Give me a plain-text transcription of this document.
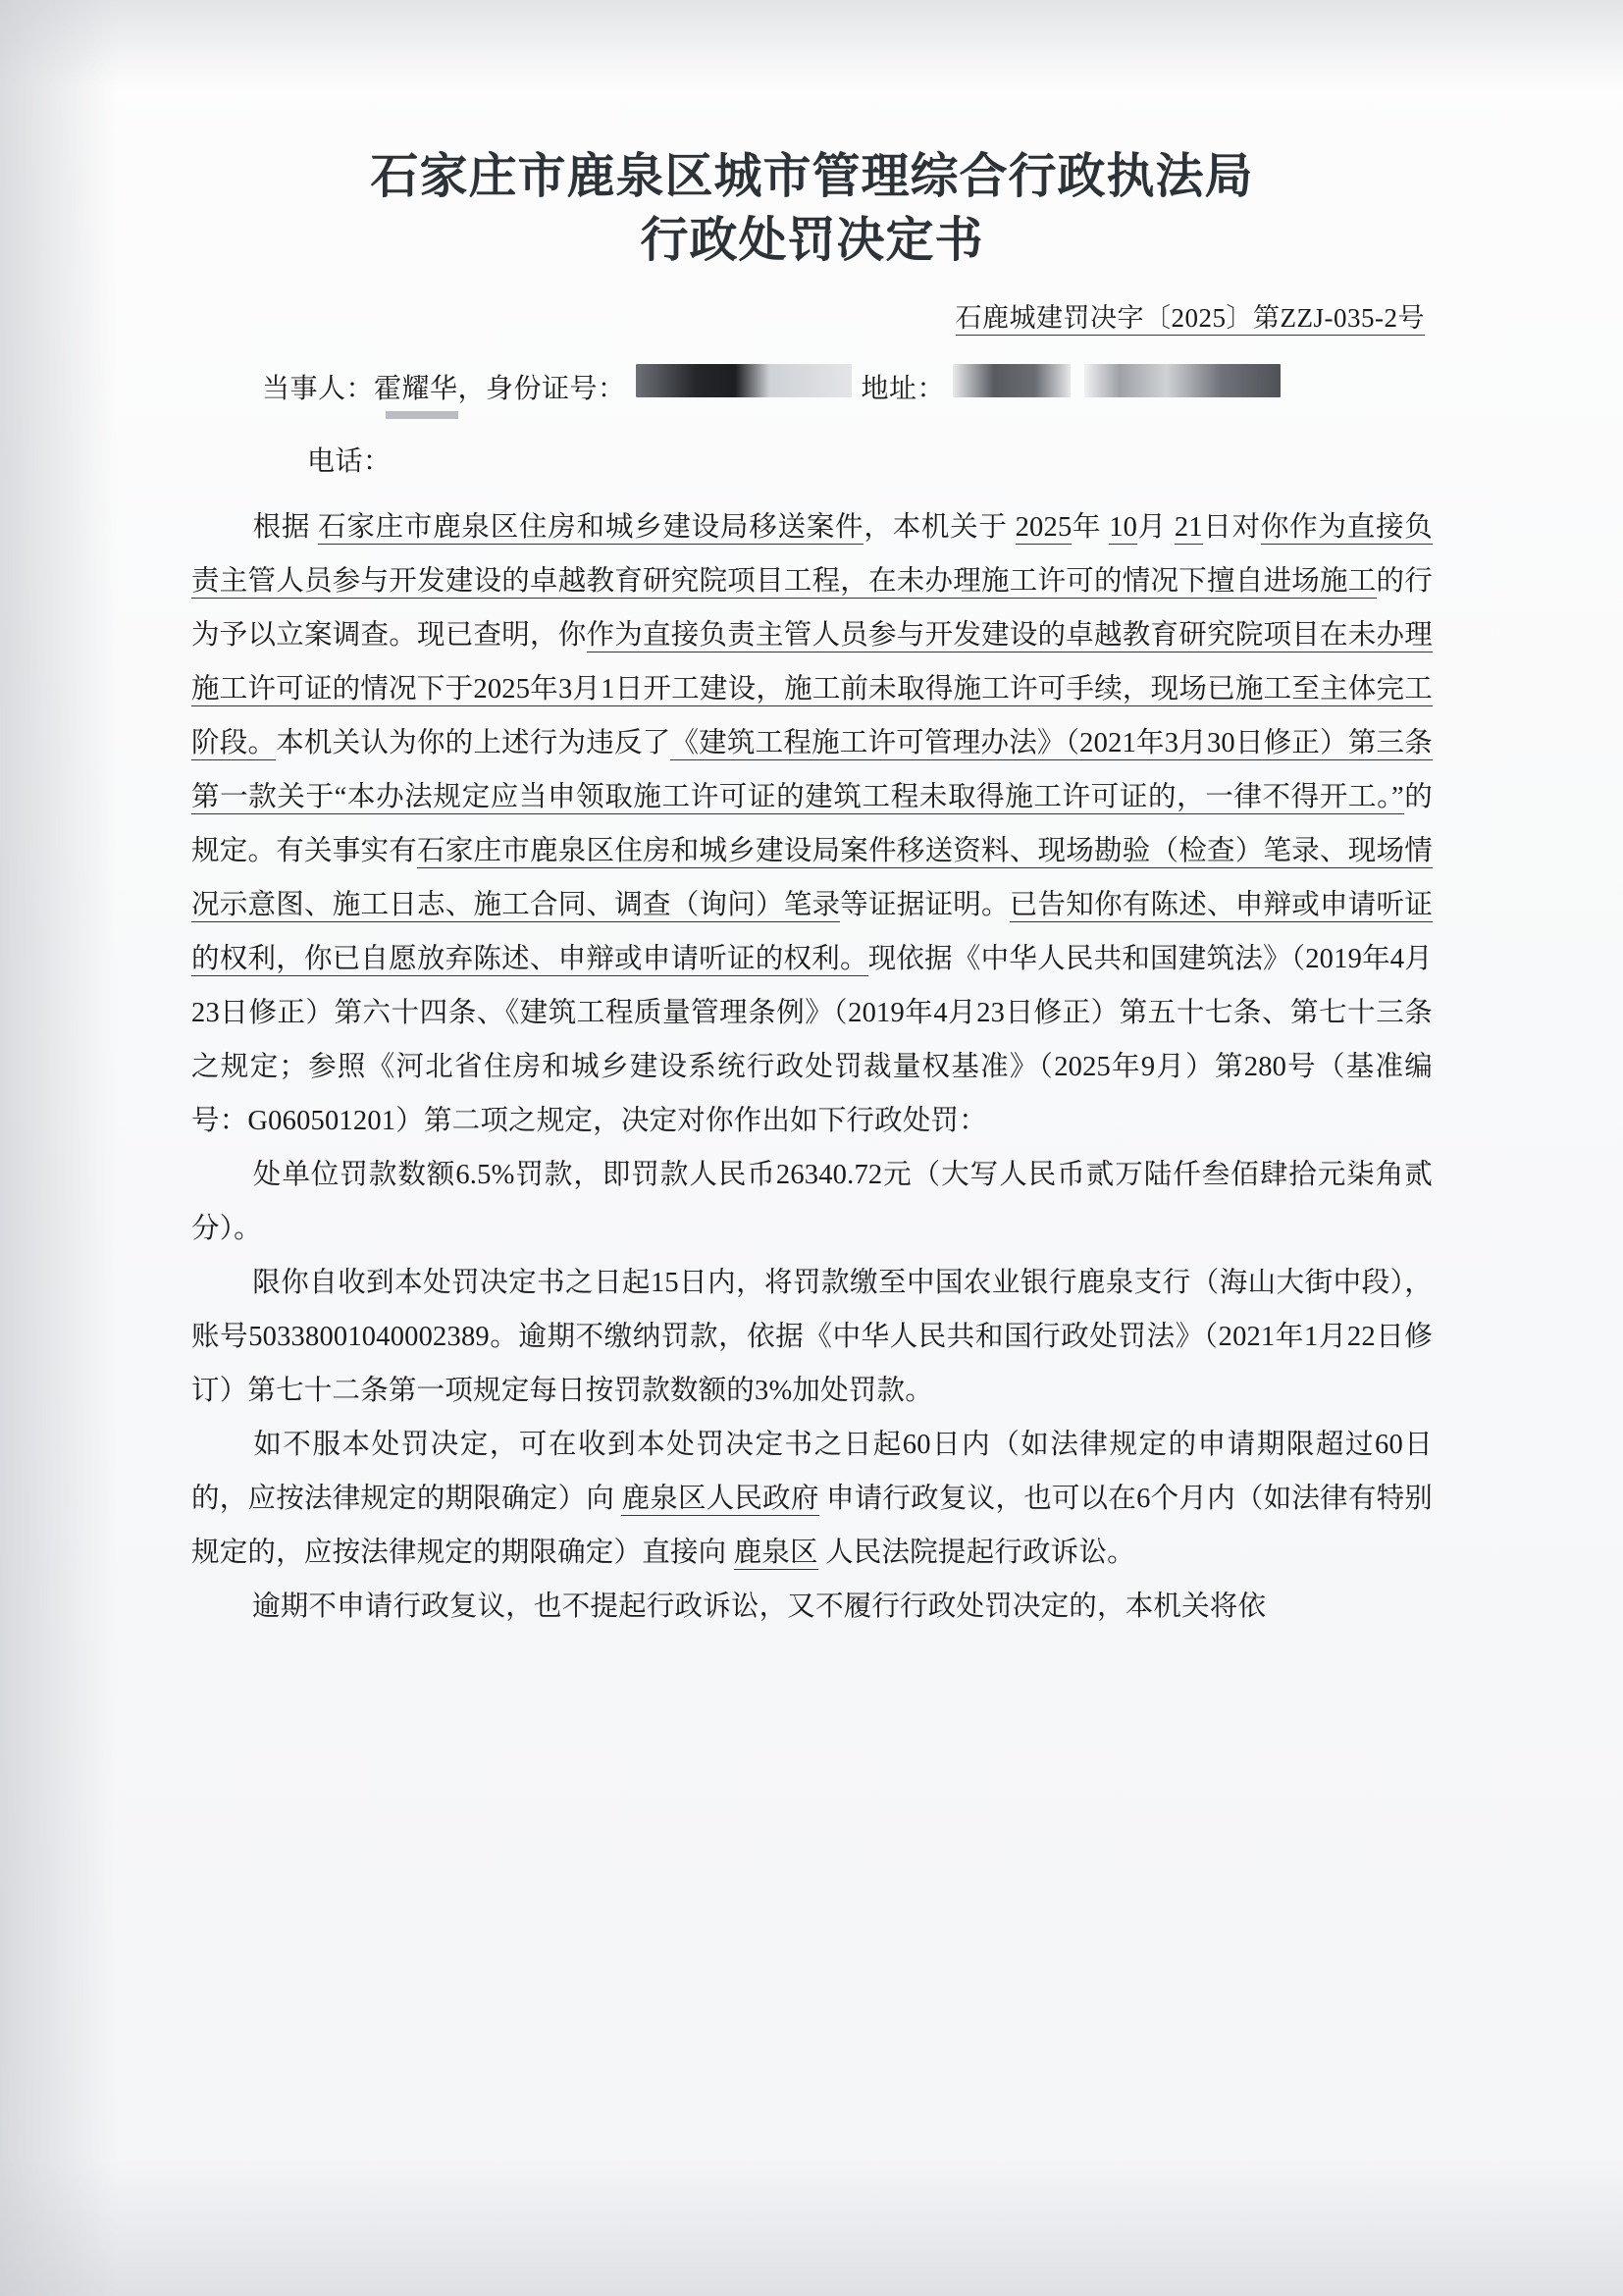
石家庄市鹿泉区城市管理综合行政执法局
行政处罚决定书
石鹿城建罚决字〔2025〕第ZZJ-035-2号
当事人： 霍耀华，身份证号：	地址：
电话：

根据 石家庄市鹿泉区住房和城乡建设局移送案件，本机关于 2025年 10月 21日对你作为直接负责主管人员参与开发建设的卓越教育研究院项目工程，在未办理施工许可的情况下擅自进场施工的行为予以立案调查。现已查明，你作为直接负责主管人员参与开发建设的卓越教育研究院项目在未办理施工许可证的情况下于2025年3月1日开工建设，施工前未取得施工许可手续，现场已施工至主体完工阶段。本机关认为你的上述行为违反了《建筑工程施工许可管理办法》（2021年3月30日修正）第三条第一款关于“本办法规定应当申领取施工许可证的建筑工程未取得施工许可证的，一律不得开工。”的规定。有关事实有石家庄市鹿泉区住房和城乡建设局案件移送资料、现场勘验（检查）笔录、现场情况示意图、施工日志、施工合同、调查（询问）笔录等证据证明。已告知你有陈述、申辩或申请听证的权利，你已自愿放弃陈述、申辩或申请听证的权利。现依据《中华人民共和国建筑法》（2019年4月23日修正）第六十四条、《建筑工程质量管理条例》（2019年4月23日修正）第五十七条、第七十三条之规定；参照《河北省住房和城乡建设系统行政处罚裁量权基准》（2025年9月）第280号（基准编号：G060501201）第二项之规定，决定对你作出如下行政处罚：

处单位罚款数额6.5%罚款，即罚款人民币26340.72元（大写人民币贰万陆仟叁佰肆拾元柒角贰分）。

限你自收到本处罚决定书之日起15日内，将罚款缴至中国农业银行鹿泉支行（海山大街中段），账号50338001040002389。逾期不缴纳罚款，依据《中华人民共和国行政处罚法》（2021年1月22日修订）第七十二条第一项规定每日按罚款数额的3%加处罚款。

如不服本处罚决定，可在收到本处罚决定书之日起60日内（如法律规定的申请期限超过60日的，应按法律规定的期限确定）向 鹿泉区人民政府 申请行政复议，也可以在6个月内（如法律有特别规定的，应按法律规定的期限确定）直接向 鹿泉区 人民法院提起行政诉讼。

逾期不申请行政复议，也不提起行政诉讼，又不履行行政处罚决定的，本机关将依
